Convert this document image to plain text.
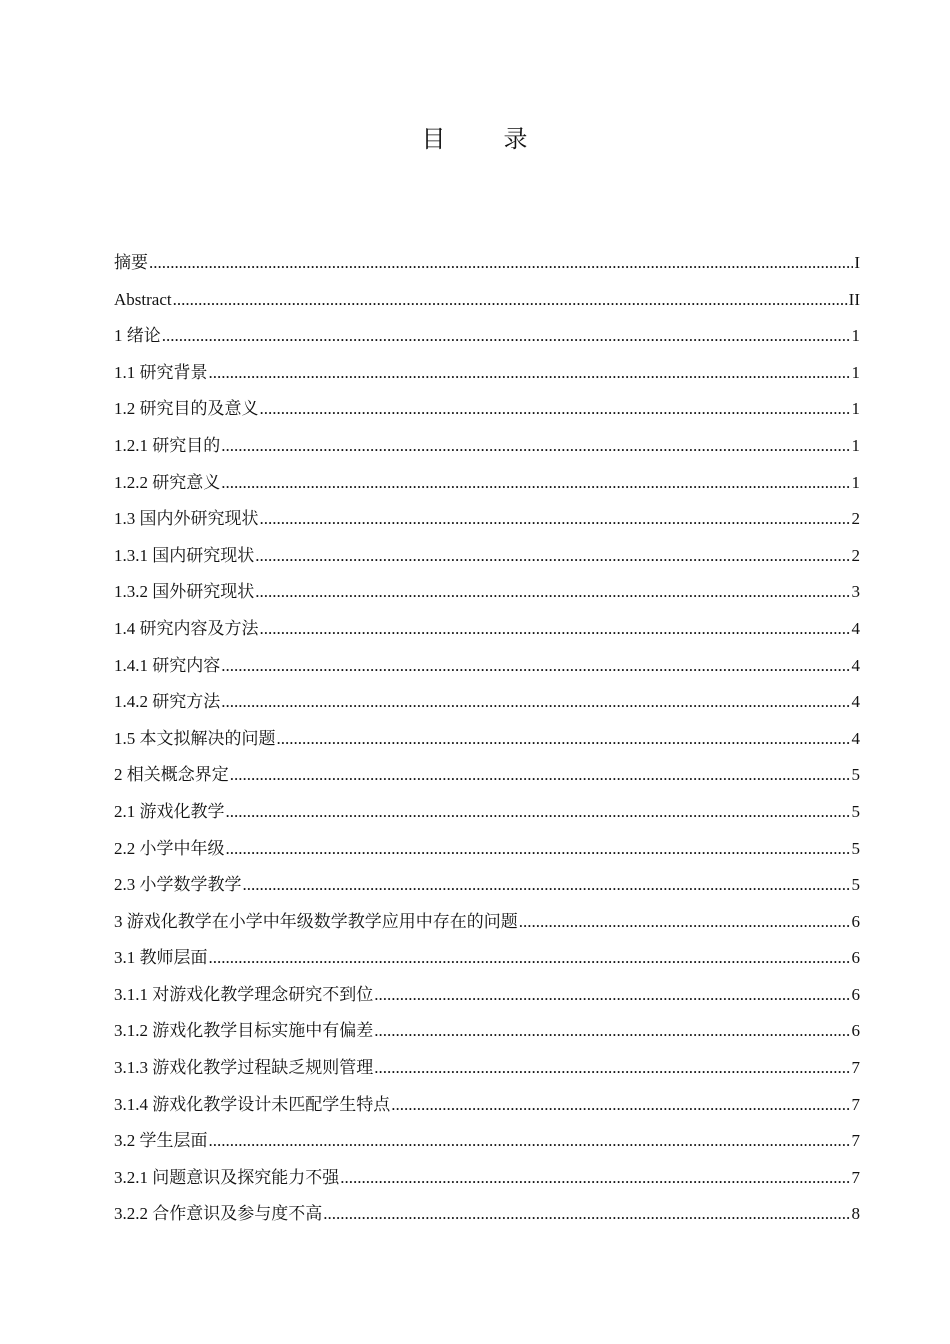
目 录
摘要 .....	I
Abstract .....	II
1 绪论 .....	1
1.1 研究背景 .....	1
1.2 研究目的及意义 .....	1
1.2.1 研究目的 .....	1
1.2.2 研究意义 .....	1
1.3 国内外研究现状 .....	2
1.3.1 国内研究现状 .....	2
1.3.2 国外研究现状 .....	3
1.4 研究内容及方法 .....	4
1.4.1 研究内容 .....	4
1.4.2 研究方法 .....	4
1.5 本文拟解决的问题 .....	4
2 相关概念界定 .....	5
2.1 游戏化教学 .....	5
2.2 小学中年级 .....	5
2.3 小学数学教学 .....	5
3 游戏化教学在小学中年级数学教学应用中存在的问题 .....	6
3.1 教师层面 .....	6
3.1.1 对游戏化教学理念研究不到位 .....	6
3.1.2 游戏化教学目标实施中有偏差 .....	6
3.1.3 游戏化教学过程缺乏规则管理 .....	7
3.1.4 游戏化教学设计未匹配学生特点 .....	7
3.2 学生层面 .....	7
3.2.1 问题意识及探究能力不强 .....	7
3.2.2 合作意识及参与度不高 .....	8
